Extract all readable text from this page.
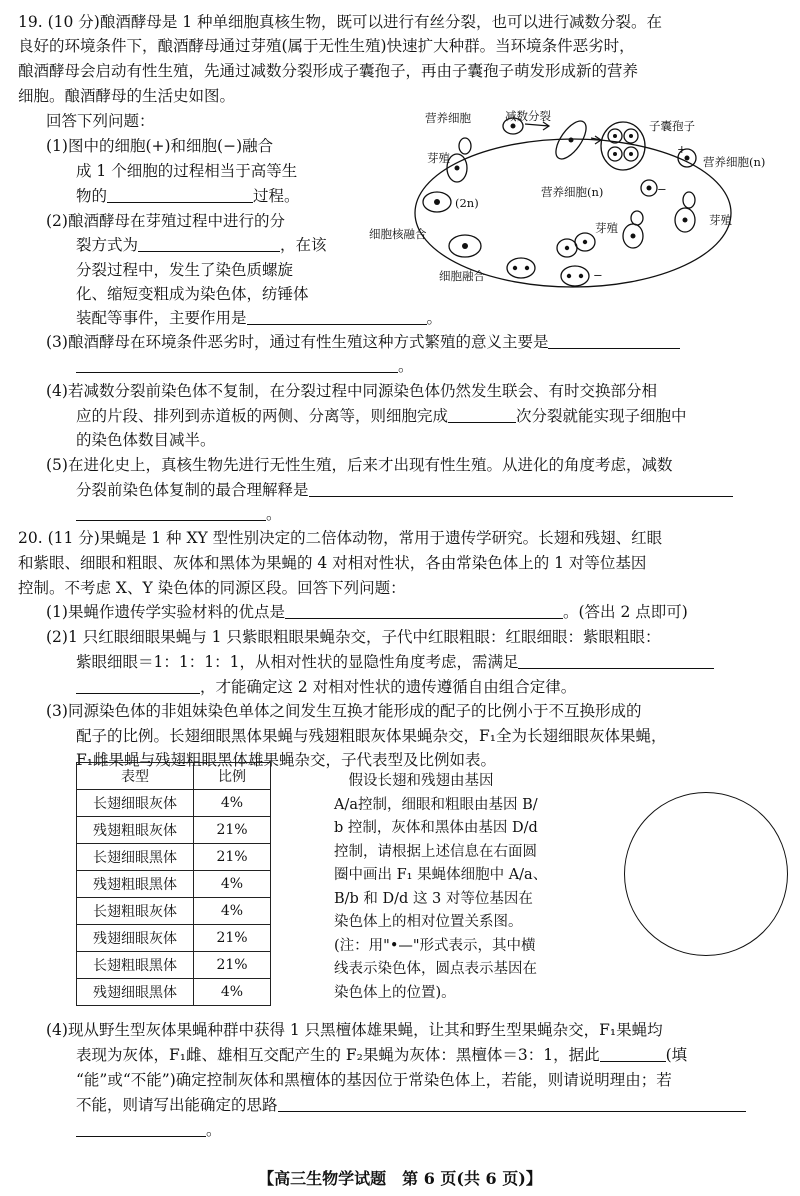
19. (10 分)酿酒酵母是 1 种单细胞真核生物，既可以进行有丝分裂，也可以进行减数分裂。在
良好的环境条件下，酿酒酵母通过芽殖(属于无性生殖)快速扩大种群。当环境条件恶劣时，
酿酒酵母会启动有性生殖，先通过减数分裂形成子囊孢子，再由子囊孢子萌发形成新的营养
细胞。酿酒酵母的生活史如图。
回答下列问题：
(1)图中的细胞(+)和细胞(−)融合
成 1 个细胞的过程相当于高等生
物的	过程。
(2)酿酒酵母在芽殖过程中进行的分
裂方式为	，在该
分裂过程中，发生了染色质螺旋
化、缩短变粗成为染色体，纺锤体
装配等事件，主要作用是	。
(3)酿酒酵母在环境条件恶劣时，通过有性生殖这种方式繁殖的意义主要是
。
(4)若减数分裂前染色体不复制，在分裂过程中同源染色体仍然发生联会、有时交换部分相
应的片段、排列到赤道板的两侧、分离等，则细胞完成	次分裂就能实现子细胞中
的染色体数目减半。
(5)在进化史上，真核生物先进行无性生殖，后来才出现有性生殖。从进化的角度考虑，减数
分裂前染色体复制的最合理解释是
。
营养细胞	减数分裂
子囊孢子
芽殖
+
营养细胞(n)
营养细胞(n)	−
(2n)
芽殖
芽殖
细胞核融合
细胞融合	−
20. (11 分)果蝇是 1 种 XY 型性别决定的二倍体动物，常用于遗传学研究。长翅和残翅、红眼
和紫眼、细眼和粗眼、灰体和黑体为果蝇的 4 对相对性状，各由常染色体上的 1 对等位基因
控制。不考虑 X、Y 染色体的同源区段。回答下列问题：
(1)果蝇作遗传学实验材料的优点是	。(答出 2 点即可)
(2)1 只红眼细眼果蝇与 1 只紫眼粗眼果蝇杂交，子代中红眼粗眼：红眼细眼：紫眼粗眼：
紫眼细眼＝1：1：1：1，从相对性状的显隐性角度考虑，需满足
，才能确定这 2 对相对性状的遗传遵循自由组合定律。
(3)同源染色体的非姐妹染色单体之间发生互换才能形成的配子的比例小于不互换形成的
配子的比例。长翅细眼黑体果蝇与残翅粗眼灰体果蝇杂交，F₁全为长翅细眼灰体果蝇，
F₁雌果蝇与残翅粗眼黑体雄果蝇杂交，子代表型及比例如表。
表型	比例
长翅细眼灰体	4%
残翅粗眼灰体	21%
长翅细眼黑体	21%
残翅粗眼黑体	4%
长翅粗眼灰体	4%
残翅细眼灰体	21%
长翅粗眼黑体	21%
残翅细眼黑体	4%
　假设长翅和残翅由基因
A/a控制，细眼和粗眼由基因 B/
b 控制，灰体和黑体由基因 D/d
控制，请根据上述信息在右面圆
圈中画出 F₁ 果蝇体细胞中 A/a、
B/b 和 D/d 这 3 对等位基因在
染色体上的相对位置关系图。
(注：用"•—"形式表示，其中横
线表示染色体，圆点表示基因在
染色体上的位置)。
(4)现从野生型灰体果蝇种群中获得 1 只黑檀体雄果蝇，让其和野生型果蝇杂交，F₁果蝇均
表现为灰体，F₁雌、雄相互交配产生的 F₂果蝇为灰体：黑檀体＝3：1，据此	(填
“能”或“不能”)确定控制灰体和黑檀体的基因位于常染色体上，若能，则请说明理由；若
不能，则请写出能确定的思路
。
【高三生物学试题　第 6 页(共 6 页)】
